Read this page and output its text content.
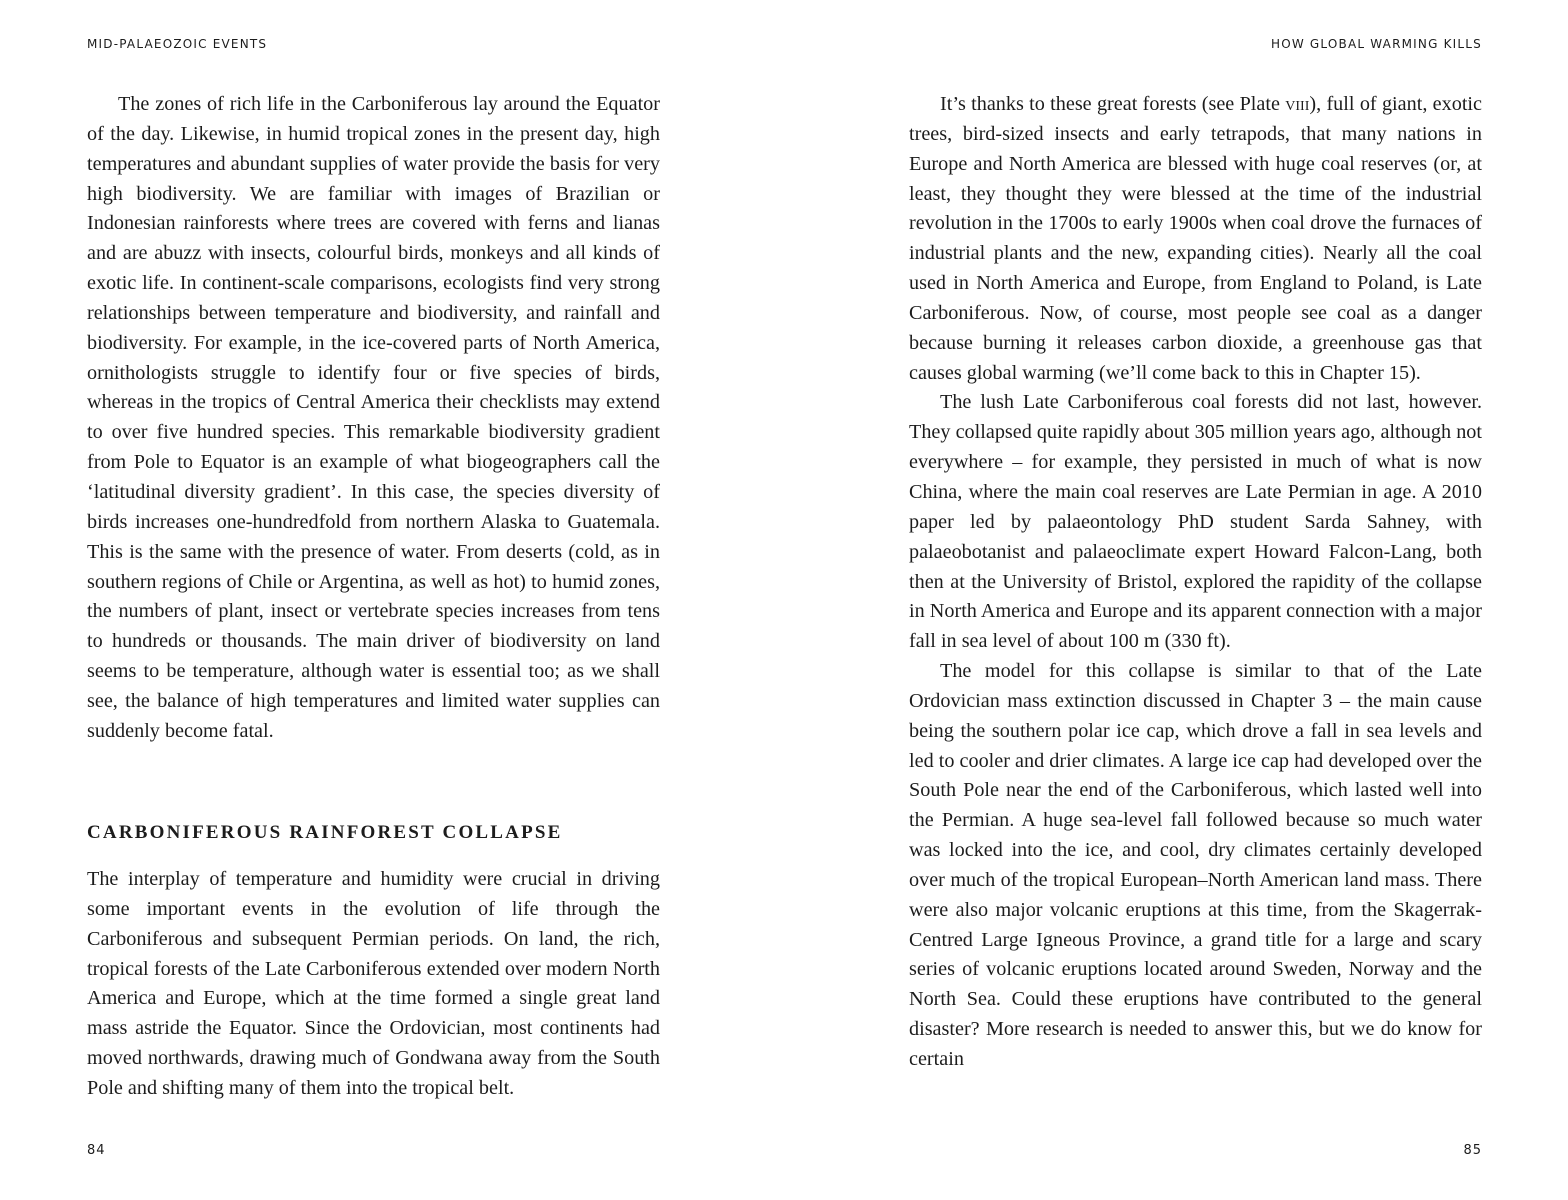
MID-PALAEOZOIC EVENTS

The zones of rich life in the Carboniferous lay around the Equator of the day. Likewise, in humid tropical zones in the present day, high temperatures and abundant supplies of water provide the basis for very high biodiversity. We are familiar with images of Brazilian or Indonesian rainforests where trees are covered with ferns and lianas and are abuzz with insects, colourful birds, monkeys and all kinds of exotic life. In continent-scale comparisons, ecologists find very strong relationships between temperature and biodiversity, and rainfall and biodiversity. For example, in the ice-covered parts of North America, ornithologists struggle to identify four or five species of birds, whereas in the tropics of Central America their checklists may extend to over five hundred species. This remarkable biodiversity gradient from Pole to Equator is an example of what biogeographers call the ‘latitudinal diversity gradient’. In this case, the species diversity of birds increases one-hundredfold from northern Alaska to Guatemala. This is the same with the presence of water. From deserts (cold, as in southern regions of Chile or Argentina, as well as hot) to humid zones, the numbers of plant, insect or vertebrate species increases from tens to hundreds or thousands. The main driver of biodiversity on land seems to be temperature, although water is essential too; as we shall see, the balance of high temperatures and limited water supplies can suddenly become fatal.

CARBONIFEROUS RAINFOREST COLLAPSE

The interplay of temperature and humidity were crucial in driving some important events in the evolution of life through the Carboniferous and subsequent Permian periods. On land, the rich, tropical forests of the Late Carboniferous extended over modern North America and Europe, which at the time formed a single great land mass astride the Equator. Since the Ordovician, most continents had moved northwards, drawing much of Gondwana away from the South Pole and shifting many of them into the tropical belt.

84
HOW GLOBAL WARMING KILLS

It’s thanks to these great forests (see Plate viii), full of giant, exotic trees, bird-sized insects and early tetrapods, that many nations in Europe and North America are blessed with huge coal reserves (or, at least, they thought they were blessed at the time of the industrial revolution in the 1700s to early 1900s when coal drove the furnaces of industrial plants and the new, expanding cities). Nearly all the coal used in North America and Europe, from England to Poland, is Late Carboniferous. Now, of course, most people see coal as a danger because burning it releases carbon dioxide, a greenhouse gas that causes global warming (we’ll come back to this in Chapter 15).

The lush Late Carboniferous coal forests did not last, however. They collapsed quite rapidly about 305 million years ago, although not everywhere – for example, they persisted in much of what is now China, where the main coal reserves are Late Permian in age. A 2010 paper led by palaeontology PhD student Sarda Sahney, with palaeobotanist and palaeoclimate expert Howard Falcon-Lang, both then at the University of Bristol, explored the rapidity of the collapse in North America and Europe and its apparent connection with a major fall in sea level of about 100 m (330 ft).

The model for this collapse is similar to that of the Late Ordovician mass extinction discussed in Chapter 3 – the main cause being the southern polar ice cap, which drove a fall in sea levels and led to cooler and drier climates. A large ice cap had developed over the South Pole near the end of the Carboniferous, which lasted well into the Permian. A huge sea-level fall followed because so much water was locked into the ice, and cool, dry climates certainly developed over much of the tropical European–North American land mass. There were also major volcanic eruptions at this time, from the Skagerrak-Centred Large Igneous Province, a grand title for a large and scary series of volcanic eruptions located around Sweden, Norway and the North Sea. Could these eruptions have contributed to the general disaster? More research is needed to answer this, but we do know for certain

85
